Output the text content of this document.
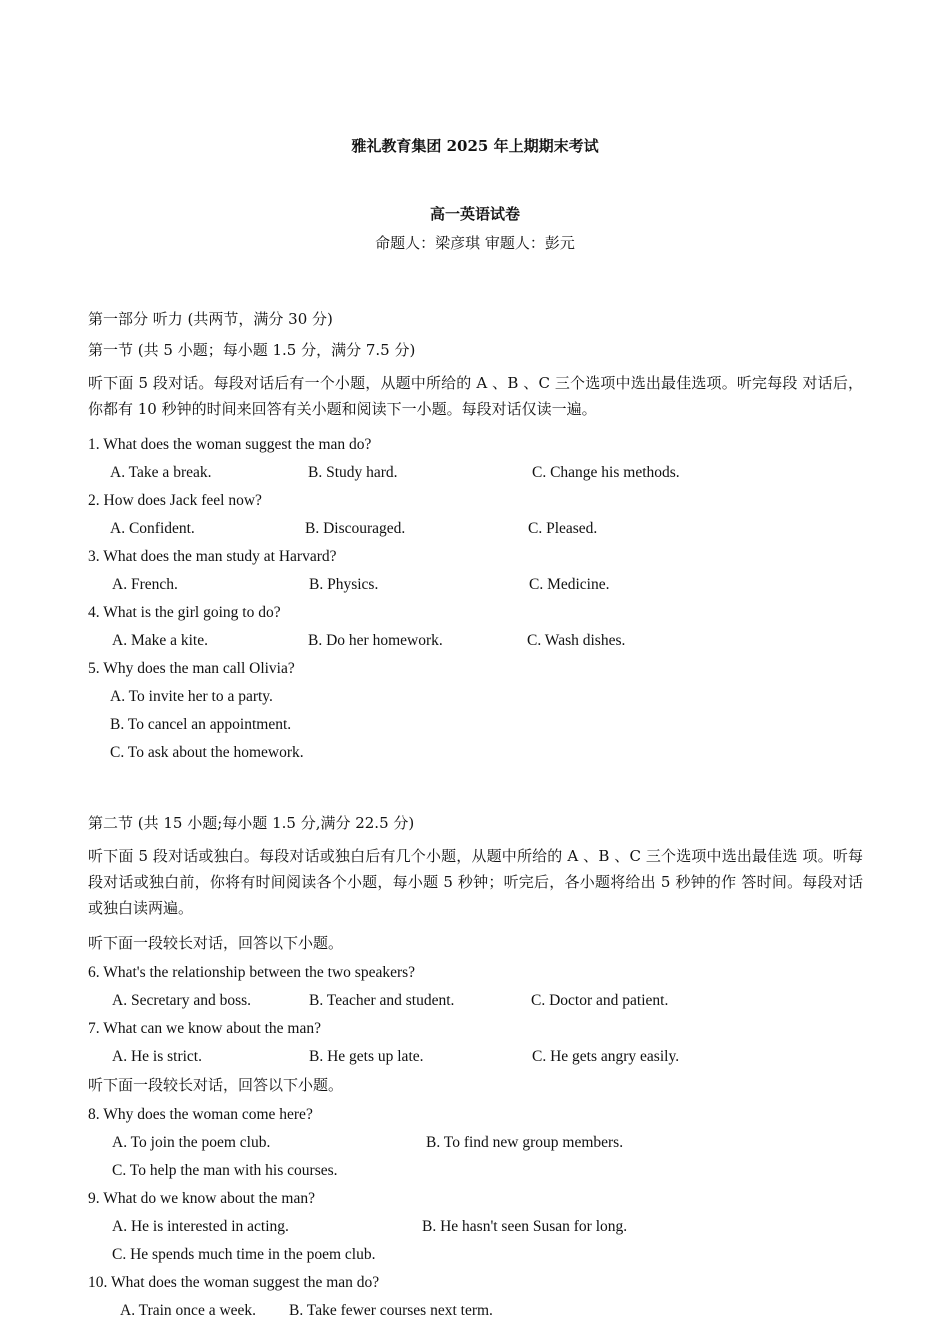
雅礼教育集团 2025 年上期期末考试
高一英语试卷
命题人：梁彦琪 审题人：彭元
第一部分 听力 (共两节，满分 30 分)
第一节 (共 5 小题；每小题 1.5 分，满分 7.5 分)
听下面 5 段对话。每段对话后有一个小题，从题中所给的 A 、B 、C 三个选项中选出最佳选项。听完每段 对话后，你都有 10 秒钟的时间来回答有关小题和阅读下一小题。每段对话仅读一遍。
1. What does the woman suggest the man do?
A. Take a break.	B. Study hard.	C. Change his methods.
2. How does Jack feel now?
A. Confident.	B. Discouraged.	C. Pleased.
3. What does the man study at Harvard?
A. French.	B. Physics.	C. Medicine.
4. What is the girl going to do?
A. Make a kite.	B. Do her homework.	C. Wash dishes.
5. Why does the man call Olivia?
A. To invite her to a party.
B. To cancel an appointment.
C. To ask about the homework.
第二节 (共 15 小题;每小题 1.5 分,满分 22.5 分)
听下面 5 段对话或独白。每段对话或独白后有几个小题，从题中所给的 A 、B 、C 三个选项中选出最佳选 项。听每段对话或独白前，你将有时间阅读各个小题，每小题 5 秒钟；听完后，各小题将给出 5 秒钟的作 答时间。每段对话或独白读两遍。
听下面一段较长对话，回答以下小题。
6. What's the relationship between the two speakers?
A. Secretary and boss.	B. Teacher and student.	C. Doctor and patient.
7. What can we know about the man?
A. He is strict.	B. He gets up late.	C. He gets angry easily.
听下面一段较长对话，回答以下小题。
8. Why does the woman come here?
A. To join the poem club.	B. To find new group members.
C. To help the man with his courses.
9. What do we know about the man?
A. He is interested in acting.	B. He hasn't seen Susan for long.
C. He spends much time in the poem club.
10. What does the woman suggest the man do?
A. Train once a week. B. Take fewer courses next term.
